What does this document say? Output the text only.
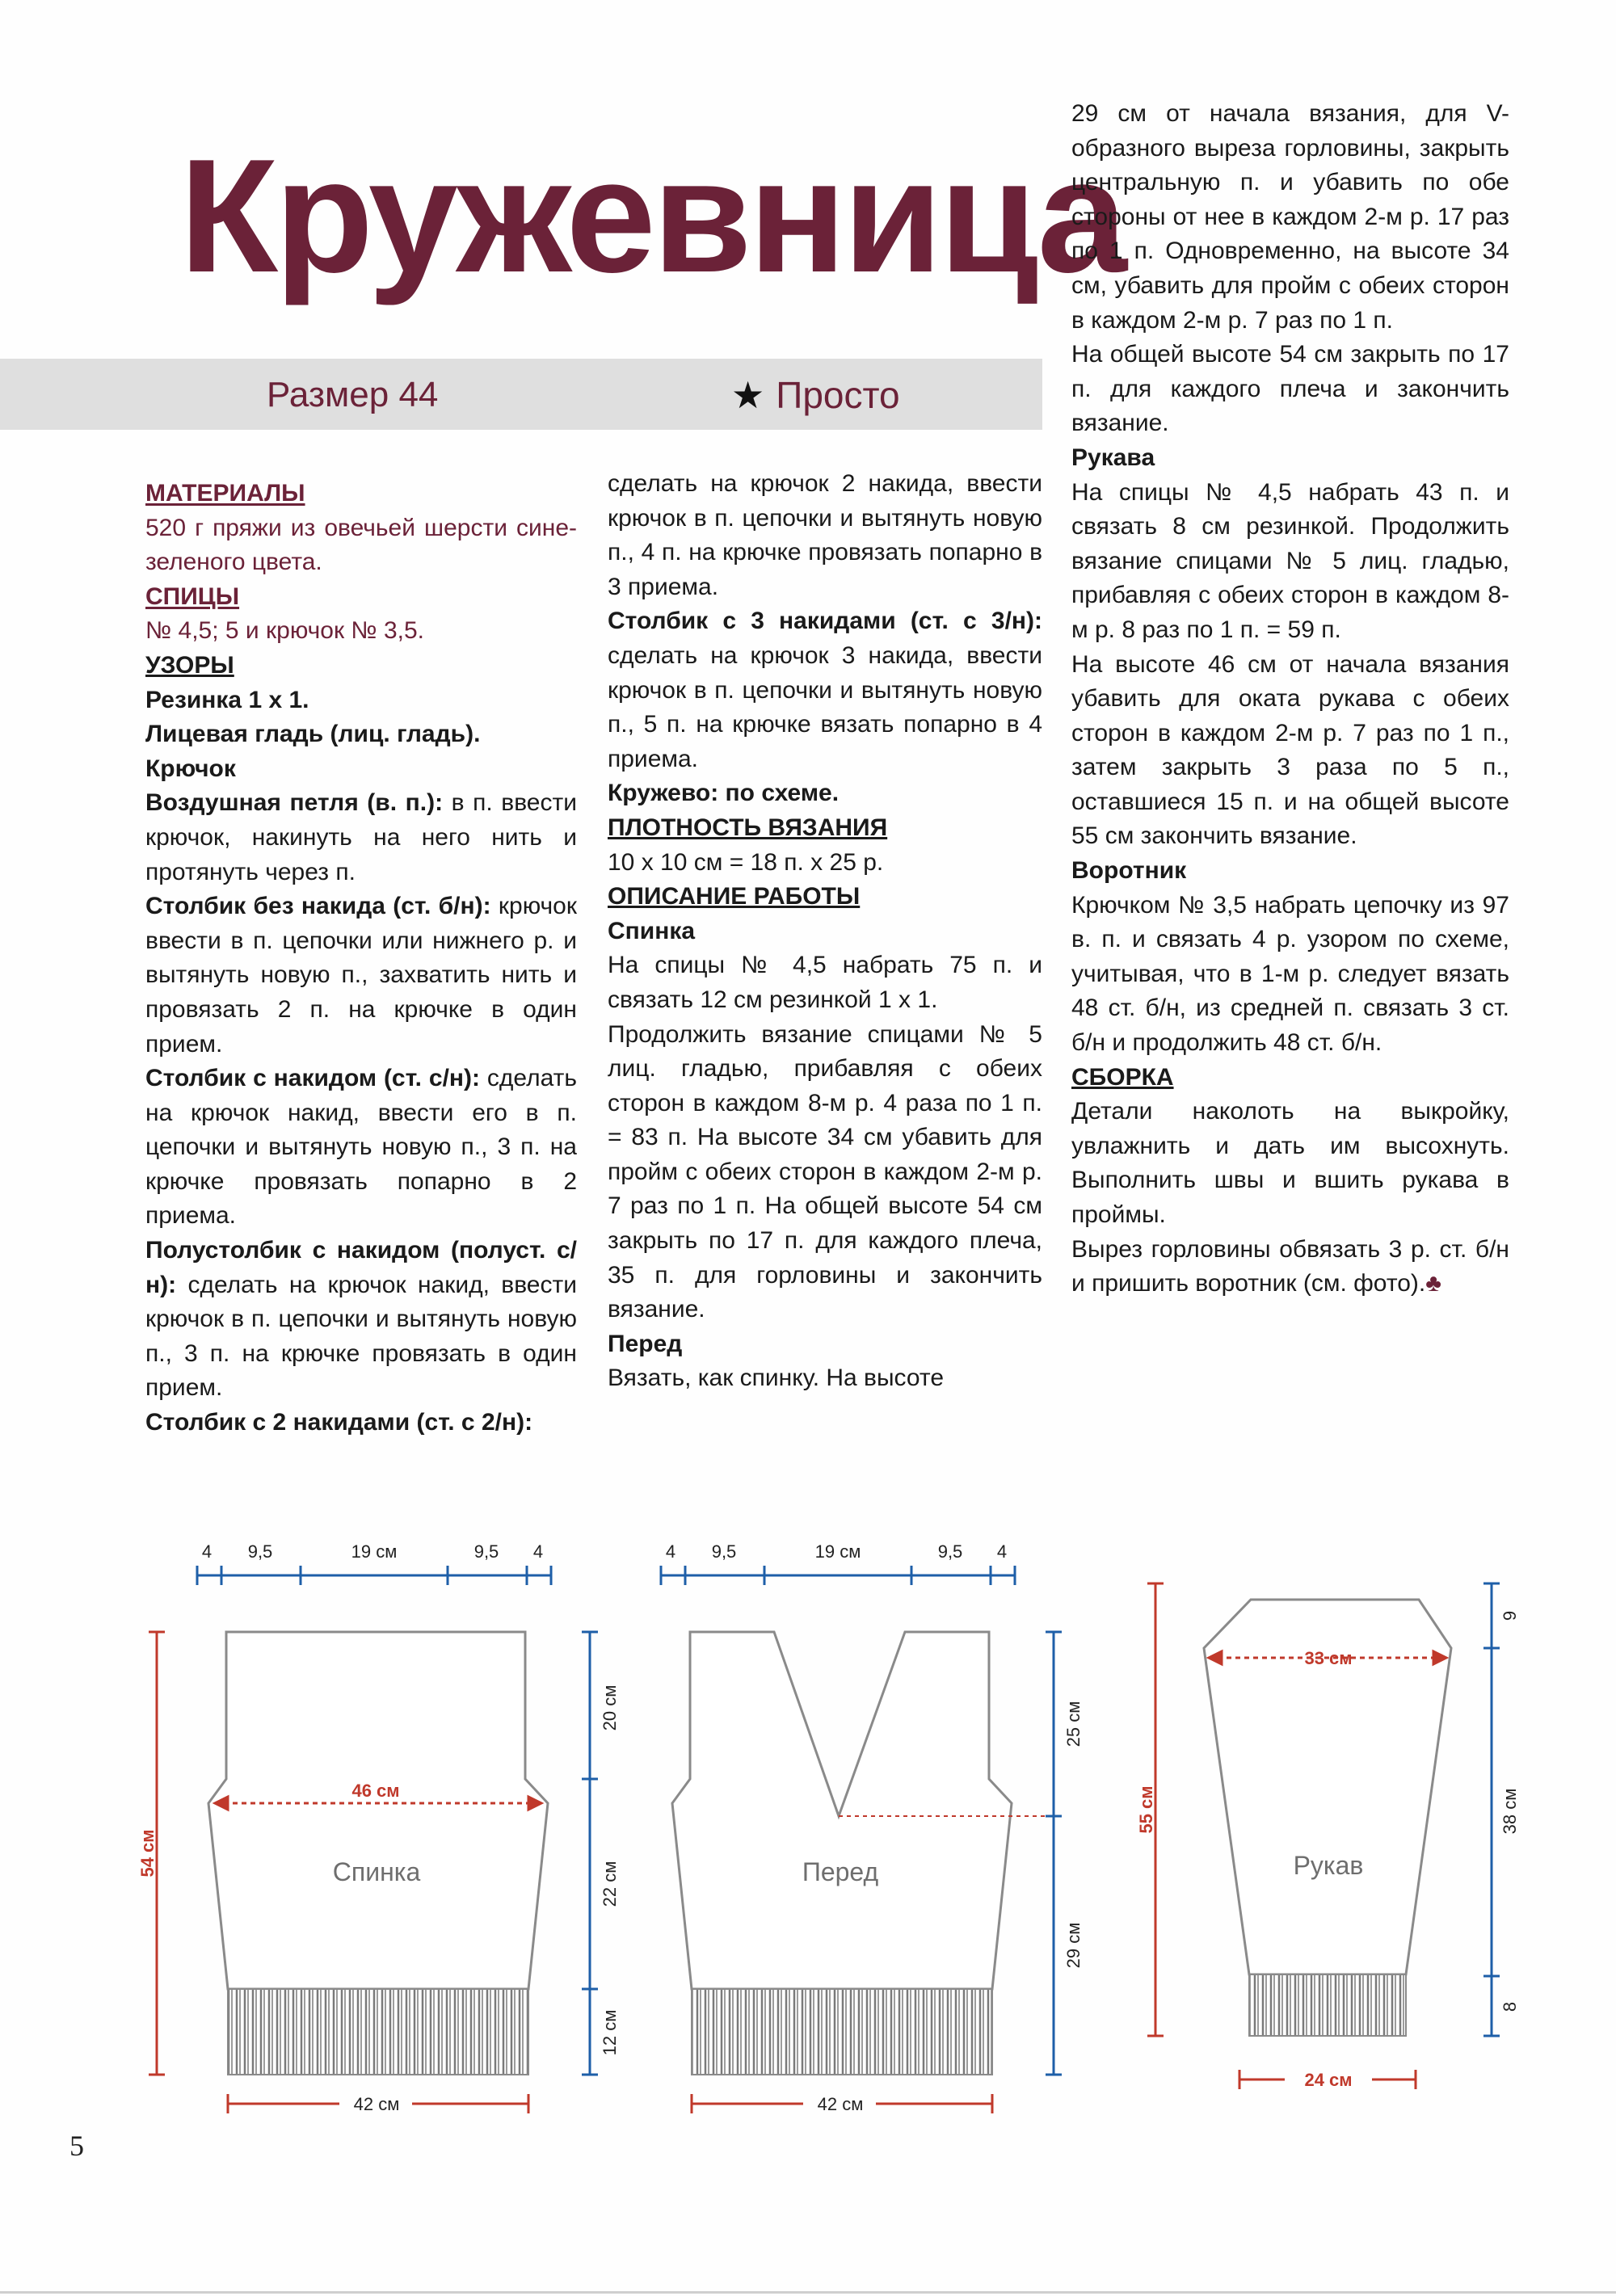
Кружевница
Размер 44	★ Просто

МАТЕРИАЛЫ

520 г пряжи из овечьей шерсти сине-зеленого цвета.

СПИЦЫ

№ 4,5; 5 и крючок № 3,5.

УЗОРЫ

Резинка 1 х 1.

Лицевая гладь (лиц. гладь).

Крючок

Воздушная петля (в. п.): в п. ввести крючок, накинуть на него нить и протянуть через п.

Столбик без накида (ст. б/н): крючок ввести в п. цепочки или нижнего р. и вытянуть новую п., захватить нить и провязать 2 п. на крючке в один прием.

Столбик с накидом (ст. с/н): сделать на крючок накид, ввести его в п. цепочки и вытянуть новую п., 3 п. на крючке провязать попарно в 2 приема.

Полустолбик с накидом (полуст. с/н): сделать на крючок накид, ввести крючок в п. цепочки и вытянуть новую п., 3 п. на крючке провязать в один прием.

Столбик с 2 накидами (ст. с 2/н):

сделать на крючок 2 накида, ввести крючок в п. цепочки и вытянуть новую п., 4 п. на крючке провязать попарно в 3 приема.

Столбик с 3 накидами (ст. с 3/н): сделать на крючок 3 накида, ввести крючок в п. цепочки и вытянуть новую п., 5 п. на крючке вязать попарно в 4 приема.

Кружево: по схеме.

ПЛОТНОСТЬ ВЯЗАНИЯ

10 х 10 см = 18 п. х 25 р.

ОПИСАНИЕ РАБОТЫ

Спинка

На спицы № 4,5 набрать 75 п. и связать 12 см резинкой 1 х 1.

Продолжить вязание спицами № 5 лиц. гладью, прибавляя с обеих сторон в каждом 8-м р. 4 раза по 1 п. = 83 п. На высоте 34 см убавить для пройм с обеих сторон в каждом 2-м р. 7 раз по 1 п. На общей высоте 54 см закрыть по 17 п. для каждого плеча, 35 п. для горловины и закончить вязание.

Перед

Вязать, как спинку. На высоте

29 см от начала вязания, для V-образного выреза горловины, закрыть центральную п. и убавить по обе стороны от нее в каждом 2-м р. 17 раз по 1 п. Одновременно, на высоте 34 см, убавить для пройм с обеих сторон в каждом 2-м р. 7 раз по 1 п.

На общей высоте 54 см закрыть по 17 п. для каждого плеча и закончить вязание.

Рукава

На спицы № 4,5 набрать 43 п. и связать 8 см резинкой. Продолжить вязание спицами № 5 лиц. гладью, прибавляя с обеих сторон в каждом 8-м р. 8 раз по 1 п. = 59 п.

На высоте 46 см от начала вязания убавить для оката рукава с обеих сторон в каждом 2-м р. 7 раз по 1 п., затем закрыть 3 раза по 5 п., оставшиеся 15 п. и на общей высоте 55 см закончить вязание.

Воротник

Крючком № 3,5 набрать цепочку из 97 в. п. и связать 4 р. узором по схеме, учитывая, что в 1-м р. следует вязать 48 ст. б/н, из средней п. связать 3 ст. б/н и продолжить 48 ст. б/н.

СБОРКА

Детали наколоть на выкройку, увлажнить и дать им высохнуть. Выполнить швы и вшить рукава в проймы.

Вырез горловины обвязать 3 р. ст. б/н и пришить воротник (см. фото).♣

4 9,5	19 см	9,5 4
46 см
Спинка
54 см
20 см
22 см
12 см
42 см
4 9,5	19 см	9,5 4
Перед
25 см
29 см
42 см
55 см
33 см
Рукав
9
38 см
8
24 см
5
